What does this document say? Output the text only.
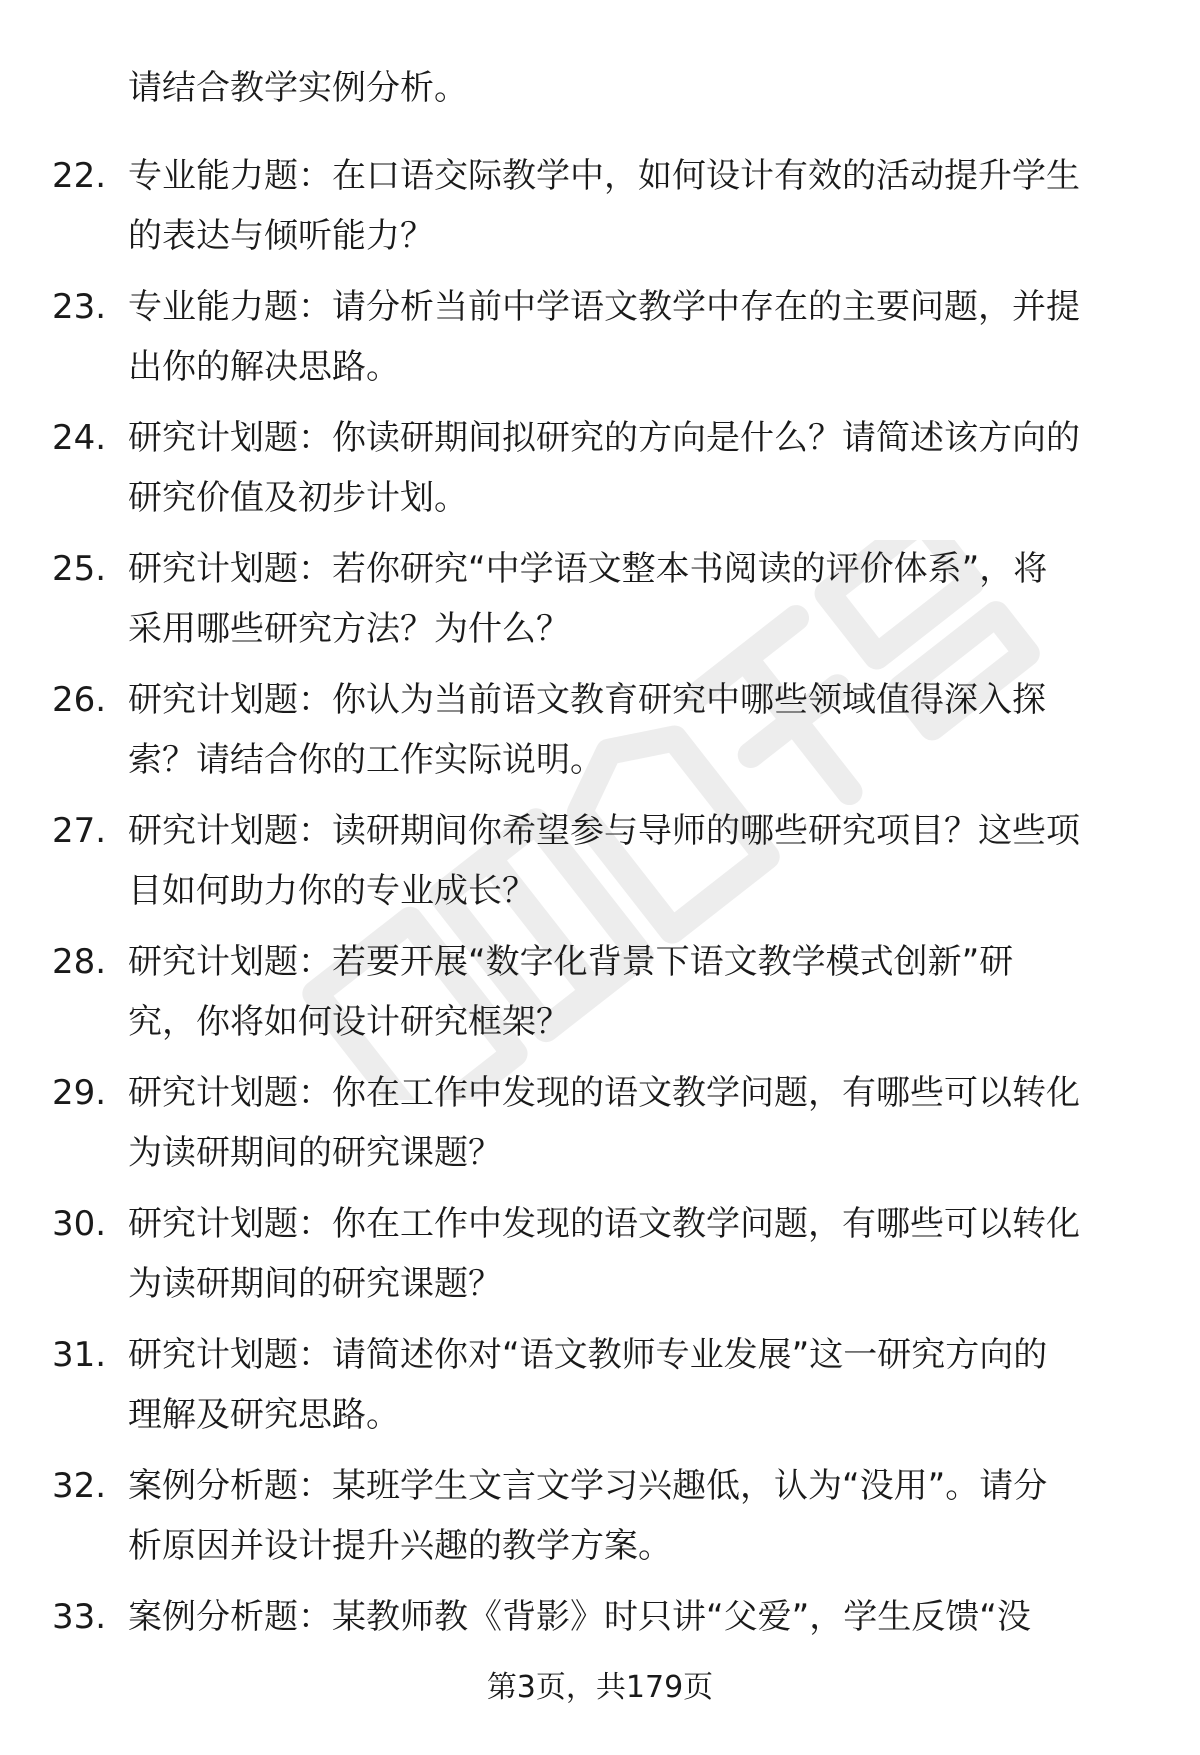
请结合教学实例分析。
22. 专业能力题：在口语交际教学中，如何设计有效的活动提升学生
的表达与倾听能力？

23. 专业能力题：请分析当前中学语文教学中存在的主要问题，并提
出你的解决思路。

24. 研究计划题：你读研期间拟研究的方向是什么？请简述该方向的
研究价值及初步计划。

25. 研究计划题：若你研究“中学语文整本书阅读的评价体系”，将
采用哪些研究方法？为什么？

26. 研究计划题：你认为当前语文教育研究中哪些领域值得深入探
索？请结合你的工作实际说明。

27. 研究计划题：读研期间你希望参与导师的哪些研究项目？这些项
目如何助力你的专业成长？

28. 研究计划题：若要开展“数字化背景下语文教学模式创新”研
究，你将如何设计研究框架？

29. 研究计划题：你在工作中发现的语文教学问题，有哪些可以转化
为读研期间的研究课题？

30. 研究计划题：你在工作中发现的语文教学问题，有哪些可以转化
为读研期间的研究课题？

31. 研究计划题：请简述你对“语文教师专业发展”这一研究方向的
理解及研究思路。

32. 案例分析题：某班学生文言文学习兴趣低，认为“没用”。请分
析原因并设计提升兴趣的教学方案。

33. 案例分析题：某教师教《背影》时只讲“父爱”，学生反馈“没

第3页，共179页
